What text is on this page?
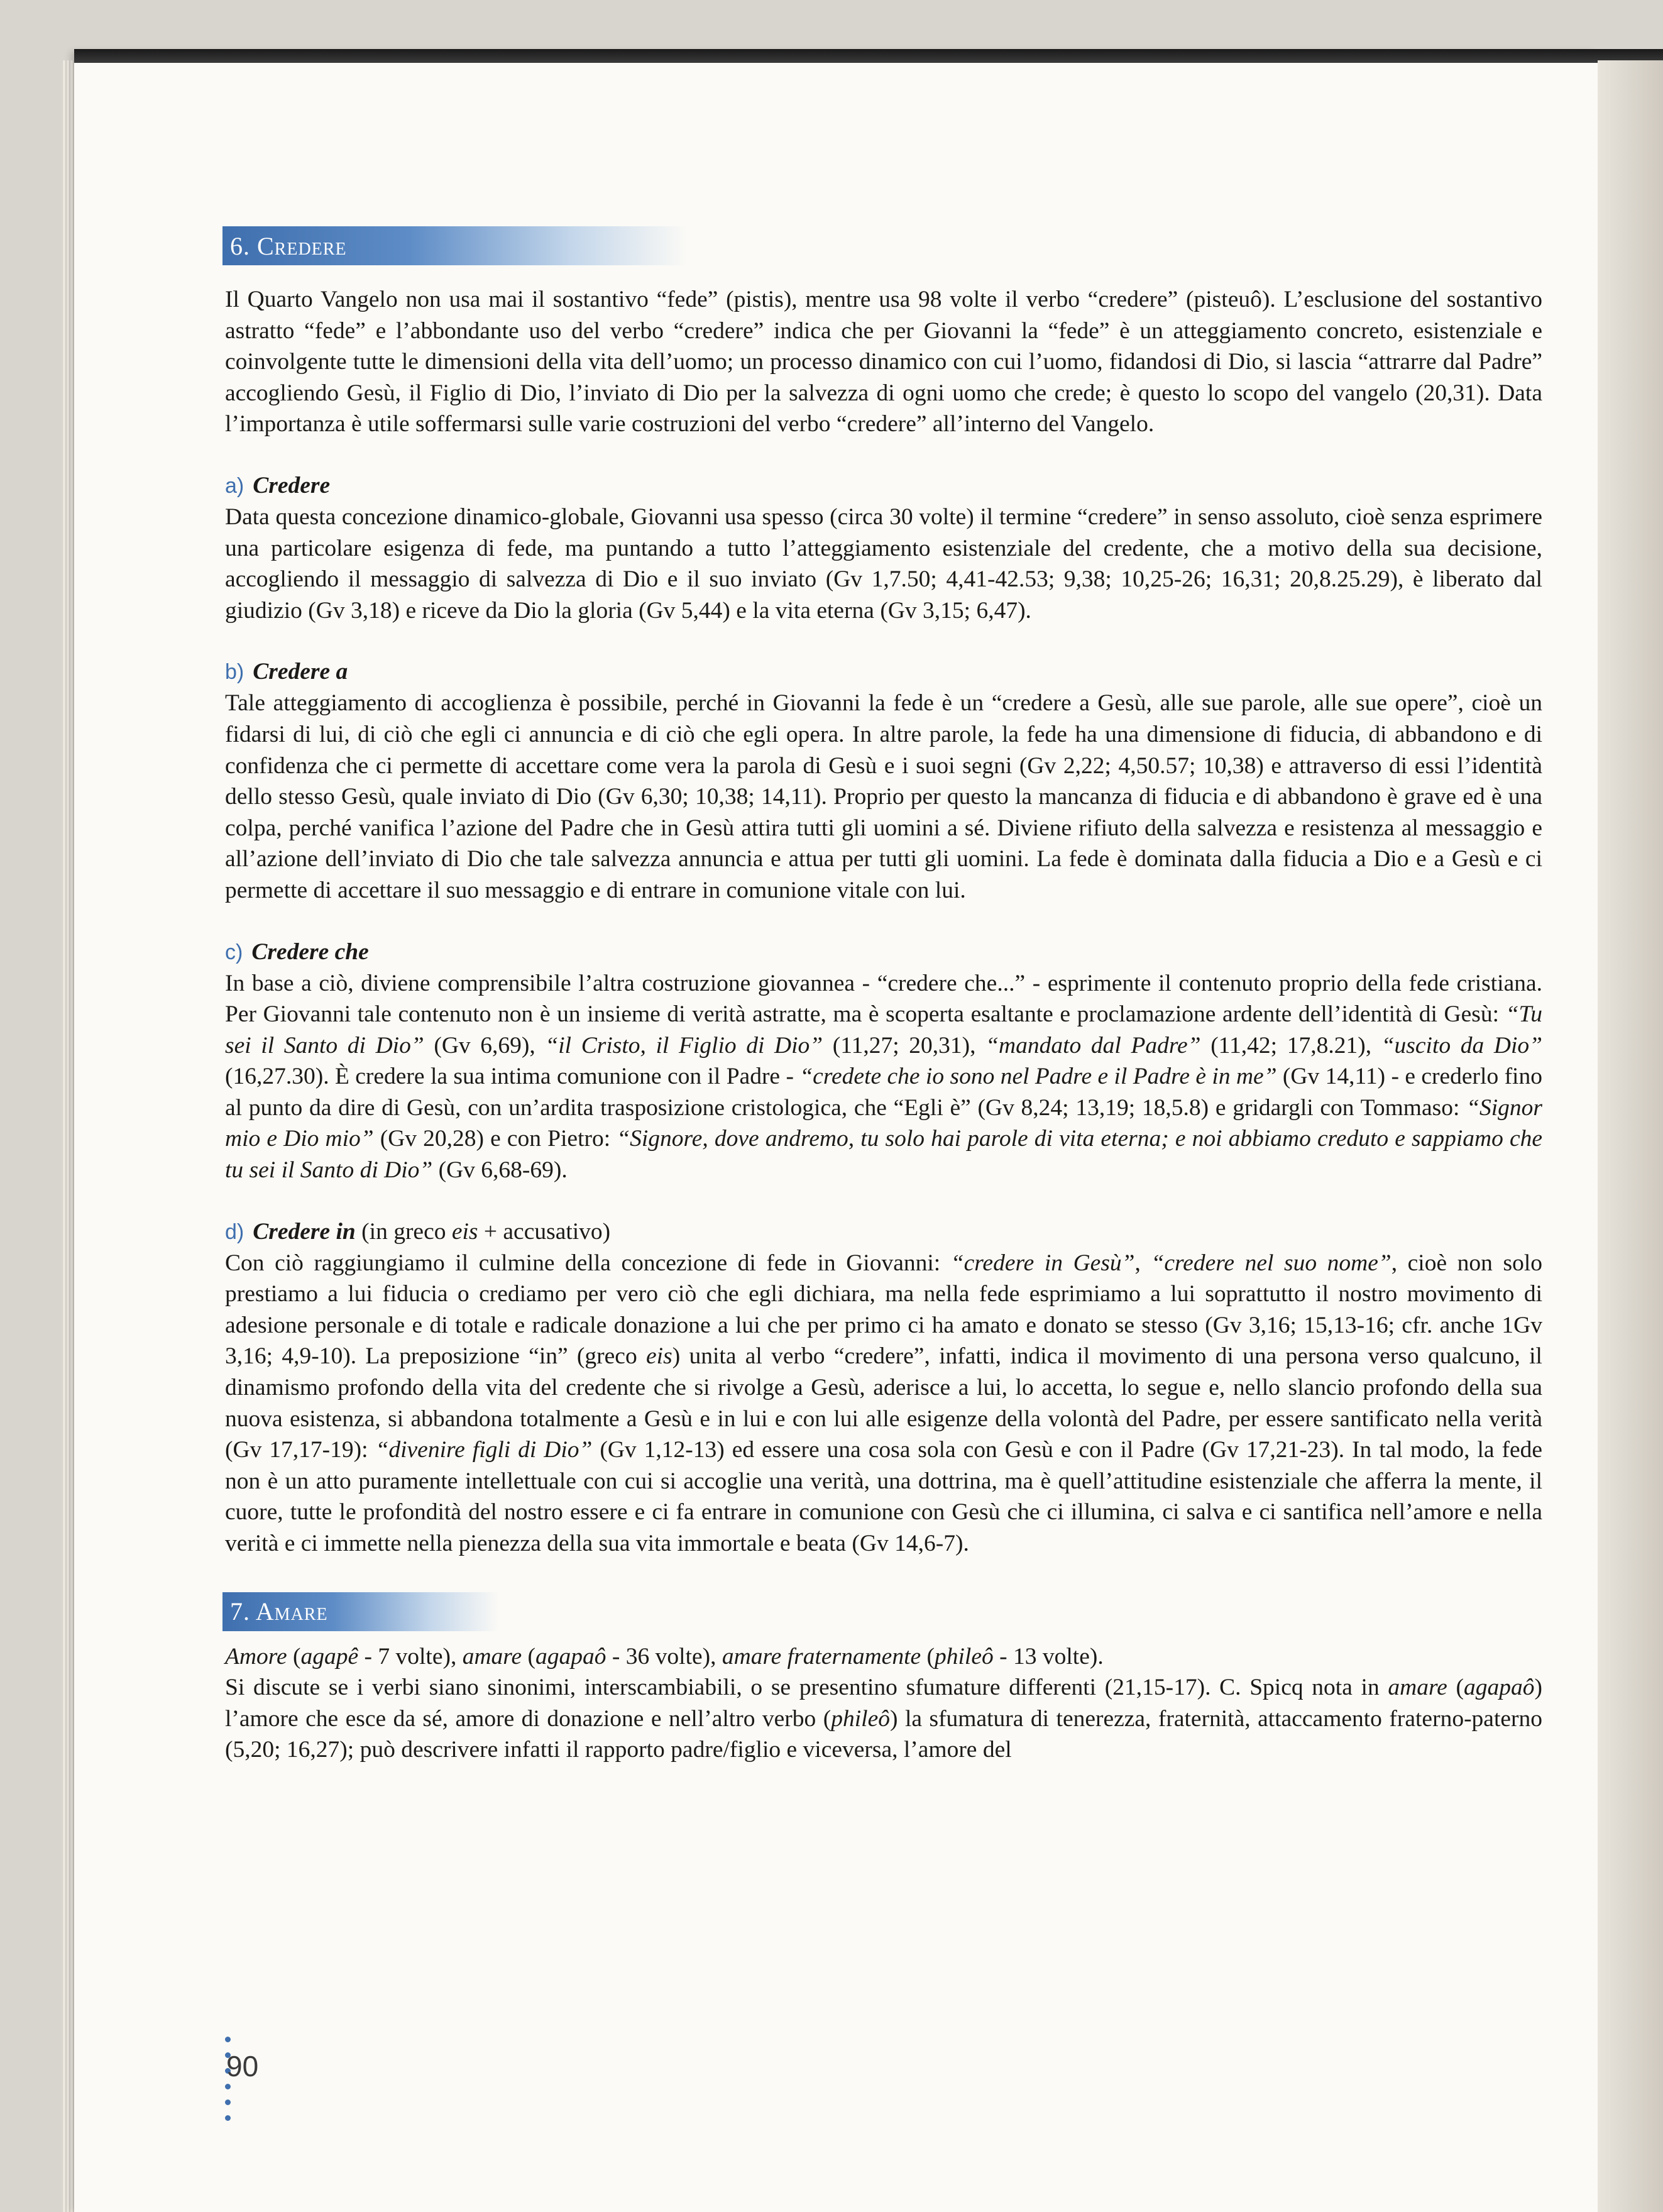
6. Credere

Il Quarto Vangelo non usa mai il sostantivo “fede” (pistis), mentre usa 98 volte il verbo “credere” (pisteuô). L’esclusione del sostantivo astratto “fede” e l’abbondante uso del verbo “credere” indica che per Giovanni la “fede” è un atteggiamento concreto, esistenziale e coinvolgente tutte le dimensioni della vita dell’uomo; un processo dinamico con cui l’uomo, fidandosi di Dio, si lascia “attrarre dal Padre” accogliendo Gesù, il Figlio di Dio, l’inviato di Dio per la salvezza di ogni uomo che crede; è questo lo scopo del vangelo (20,31). Data l’importanza è utile soffermarsi sulle varie costruzioni del verbo “credere” all’interno del Vangelo.

a) Credere

Data questa concezione dinamico-globale, Giovanni usa spesso (circa 30 volte) il termine “credere” in senso assoluto, cioè senza esprimere una particolare esigenza di fede, ma puntando a tutto l’atteggiamento esistenziale del credente, che a motivo della sua decisione, accogliendo il messaggio di salvezza di Dio e il suo inviato (Gv 1,7.50; 4,41-42.53; 9,38; 10,25-26; 16,31; 20,8.25.29), è liberato dal giudizio (Gv 3,18) e riceve da Dio la gloria (Gv 5,44) e la vita eterna (Gv 3,15; 6,47).

b) Credere a

Tale atteggiamento di accoglienza è possibile, perché in Giovanni la fede è un “credere a Gesù, alle sue parole, alle sue opere”, cioè un fidarsi di lui, di ciò che egli ci annuncia e di ciò che egli opera. In altre parole, la fede ha una dimensione di fiducia, di abbandono e di confidenza che ci permette di accettare come vera la parola di Gesù e i suoi segni (Gv 2,22; 4,50.57; 10,38) e attraverso di essi l’identità dello stesso Gesù, quale inviato di Dio (Gv 6,30; 10,38; 14,11). Proprio per questo la mancanza di fiducia e di abbandono è grave ed è una colpa, perché vanifica l’azione del Padre che in Gesù attira tutti gli uomini a sé. Diviene rifiuto della salvezza e resistenza al messaggio e all’azione dell’inviato di Dio che tale salvezza annuncia e attua per tutti gli uomini. La fede è dominata dalla fiducia a Dio e a Gesù e ci permette di accettare il suo messaggio e di entrare in comunione vitale con lui.

c) Credere che

In base a ciò, diviene comprensibile l’altra costruzione giovannea - “credere che...” - esprimente il contenuto proprio della fede cristiana. Per Giovanni tale contenuto non è un insieme di verità astratte, ma è scoperta esaltante e proclamazione ardente dell’identità di Gesù: “Tu sei il Santo di Dio” (Gv 6,69), “il Cristo, il Figlio di Dio” (11,27; 20,31), “mandato dal Padre” (11,42; 17,8.21), “uscito da Dio” (16,27.30). È credere la sua intima comunione con il Padre - “credete che io sono nel Padre e il Padre è in me” (Gv 14,11) - e crederlo fino al punto da dire di Gesù, con un’ardita trasposizione cristologica, che “Egli è” (Gv 8,24; 13,19; 18,5.8) e gridargli con Tommaso: “Signor mio e Dio mio” (Gv 20,28) e con Pietro: “Signore, dove andremo, tu solo hai parole di vita eterna; e noi abbiamo creduto e sappiamo che tu sei il Santo di Dio” (Gv 6,68-69).

d) Credere in (in greco eis + accusativo)

Con ciò raggiungiamo il culmine della concezione di fede in Giovanni: “credere in Gesù”, “credere nel suo nome”, cioè non solo prestiamo a lui fiducia o crediamo per vero ciò che egli dichiara, ma nella fede esprimiamo a lui soprattutto il nostro movimento di adesione personale e di totale e radicale donazione a lui che per primo ci ha amato e donato se stesso (Gv 3,16; 15,13-16; cfr. anche 1Gv 3,16; 4,9-10). La preposizione “in” (greco eis) unita al verbo “credere”, infatti, indica il movimento di una persona verso qualcuno, il dinamismo profondo della vita del credente che si rivolge a Gesù, aderisce a lui, lo accetta, lo segue e, nello slancio profondo della sua nuova esistenza, si abbandona totalmente a Gesù e in lui e con lui alle esigenze della volontà del Padre, per essere santificato nella verità (Gv 17,17-19): “divenire figli di Dio” (Gv 1,12-13) ed essere una cosa sola con Gesù e con il Padre (Gv 17,21-23). In tal modo, la fede non è un atto puramente intellettuale con cui si accoglie una verità, una dottrina, ma è quell’attitudine esistenziale che afferra la mente, il cuore, tutte le profondità del nostro essere e ci fa entrare in comunione con Gesù che ci illumina, ci salva e ci santifica nell’amore e nella verità e ci immette nella pienezza della sua vita immortale e beata (Gv 14,6-7).

7. Amare

Amore (agapê - 7 volte), amare (agapaô - 36 volte), amare fraternamente (phileô - 13 volte).

Si discute se i verbi siano sinonimi, interscambiabili, o se presentino sfumature differenti (21,15-17). C. Spicq nota in amare (agapaô) l’amore che esce da sé, amore di donazione e nell’altro verbo (phileô) la sfumatura di tenerezza, fraternità, attaccamento fraterno-paterno (5,20; 16,27); può descrivere infatti il rapporto padre/figlio e viceversa, l’amore del

90
